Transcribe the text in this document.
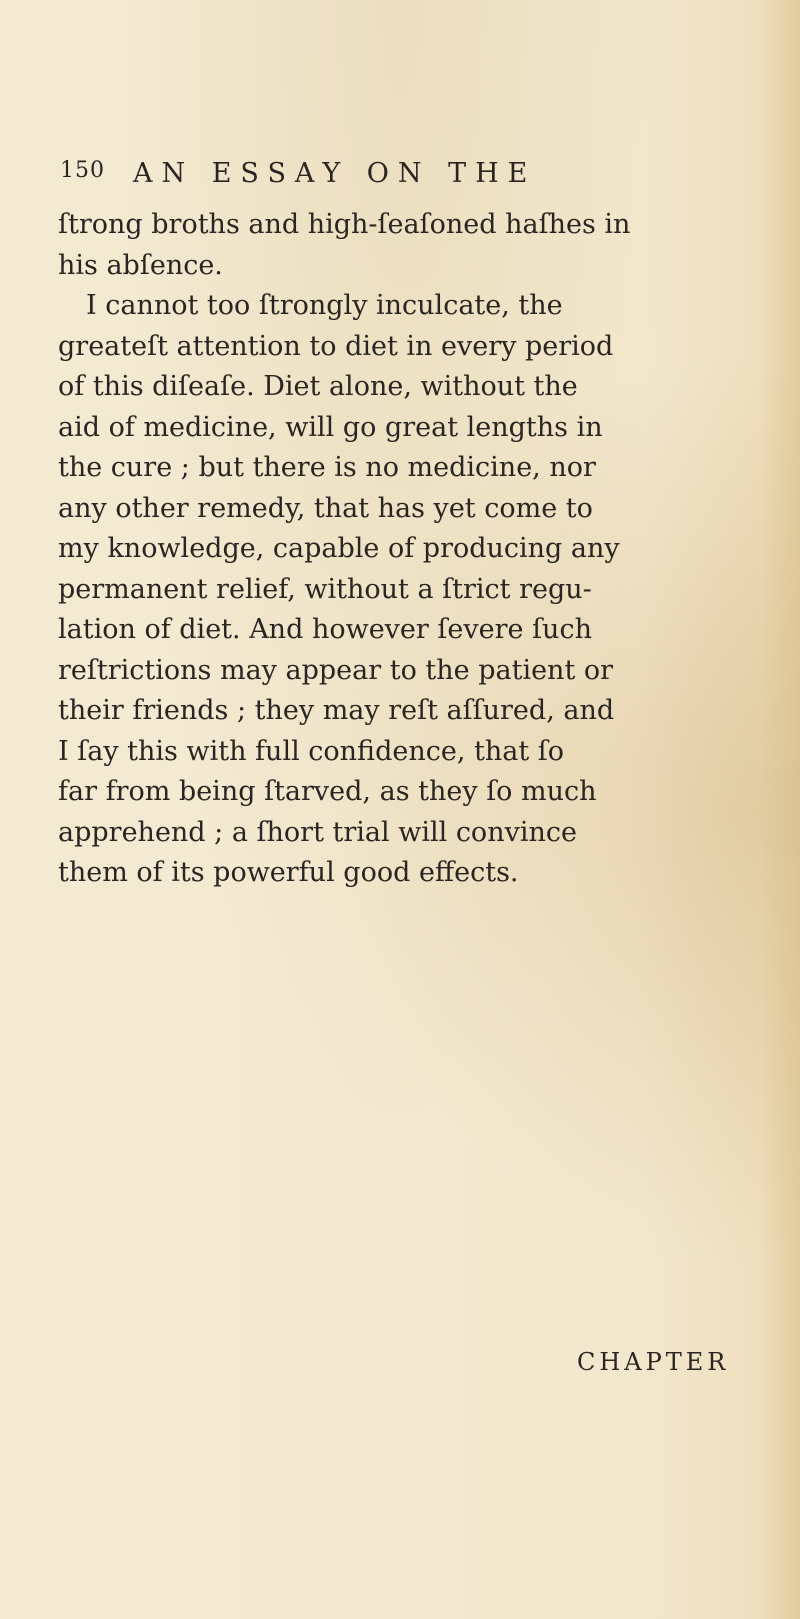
150 AN ESSAY ON THE
ſtrong broths and high-ſeaſoned haſhes in
his abſence.
I cannot too ſtrongly inculcate, the
greateſt attention to diet in every period
of this diſeaſe. Diet alone, without the
aid of medicine, will go great lengths in
the cure ; but there is no medicine, nor
any other remedy, that has yet come to
my knowledge, capable of producing any
permanent relief, without a ſtrict regu-
lation of diet. And however ſevere ſuch
reſtrictions may appear to the patient or
their friends ; they may reſt aſſured, and
I ſay this with full confidence, that ſo
far from being ſtarved, as they ſo much
apprehend ; a ſhort trial will convince
them of its powerful good effects.
CHAPTER
